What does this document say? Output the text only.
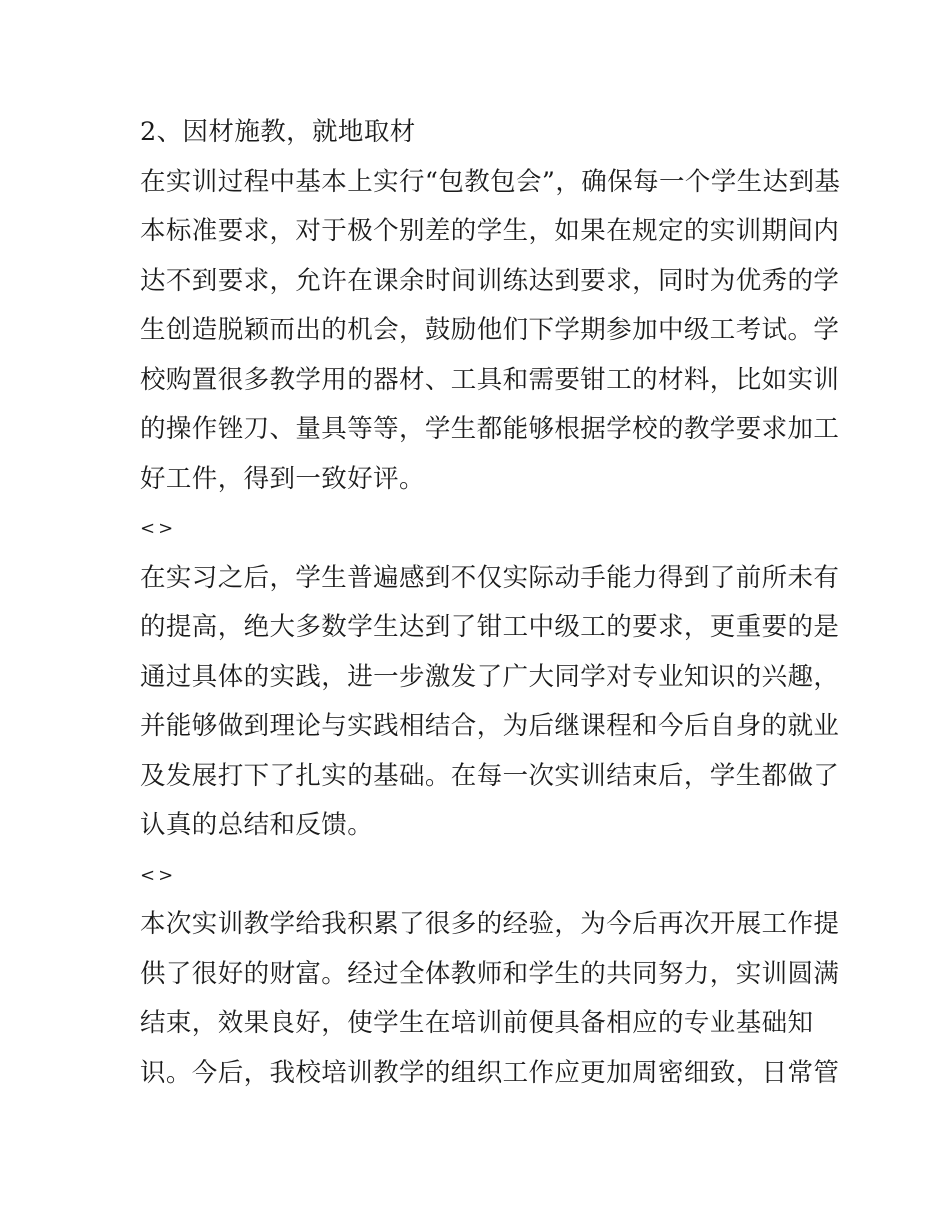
2、因材施教，就地取材
在实训过程中基本上实行“包教包会”，确保每一个学生达到基
本标准要求，对于极个别差的学生，如果在规定的实训期间内
达不到要求，允许在课余时间训练达到要求，同时为优秀的学
生创造脱颖而出的机会，鼓励他们下学期参加中级工考试。学
校购置很多教学用的器材、工具和需要钳工的材料，比如实训
的操作锉刀、量具等等，学生都能够根据学校的教学要求加工
好工件，得到一致好评。
<>
在实习之后，学生普遍感到不仅实际动手能力得到了前所未有
的提高，绝大多数学生达到了钳工中级工的要求，更重要的是
通过具体的实践，进一步激发了广大同学对专业知识的兴趣，
并能够做到理论与实践相结合，为后继课程和今后自身的就业
及发展打下了扎实的基础。在每一次实训结束后，学生都做了
认真的总结和反馈。
<>
本次实训教学给我积累了很多的经验，为今后再次开展工作提
供了很好的财富。经过全体教师和学生的共同努力，实训圆满
结束，效果良好，使学生在培训前便具备相应的专业基础知
识。今后，我校培训教学的组织工作应更加周密细致，日常管
